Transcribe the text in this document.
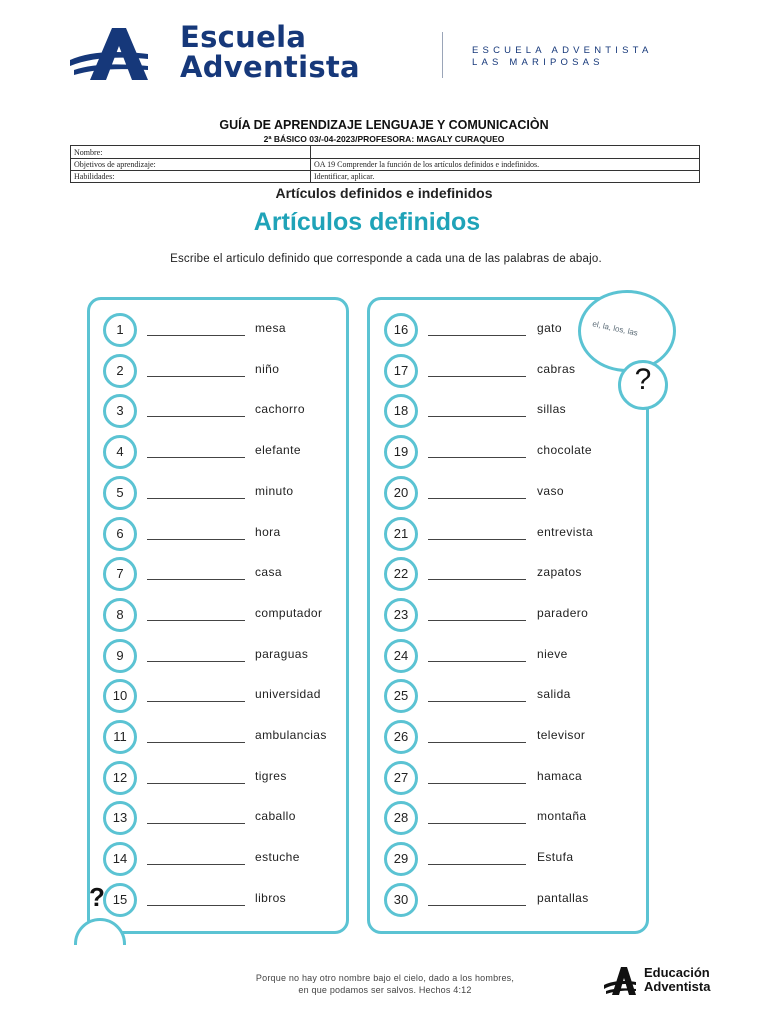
Escuela
Adventista	ESCUELA ADVENTISTA
LAS MARIPOSAS
GUÍA DE APRENDIZAJE LENGUAJE Y COMUNICACIÒN
2ª BÁSICO 03/-04-2023/PROFESORA: MAGALY CURAQUEO
Nombre:	
Objetivos de aprendizaje:	OA 19 Comprender la función de los artículos definidos e indefinidos.
Habilidades:	Identificar, aplicar.
Artículos definidos e indefinidos
Artículos definidos
Escribe el articulo definido que corresponde a cada una de las palabras de abajo.
1	mesa
2	niño
3	cachorro
4	elefante
5	minuto
6	hora
7	casa
8	computador
9	paraguas
10	universidad
11	ambulancias
12	tigres
13	caballo
14	estuche
15	libros
16	gato
17	cabras
18	sillas
19	chocolate
20	vaso
21	entrevista
22	zapatos
23	paradero
24	nieve
25	salida
26	televisor
27	hamaca
28	montaña
29	Estufa
30	pantallas
el, la, los, las
?
?
Porque no hay otro nombre bajo el cielo, dado a los hombres,
en que podamos ser salvos. Hechos 4:12
Educación
Adventista
